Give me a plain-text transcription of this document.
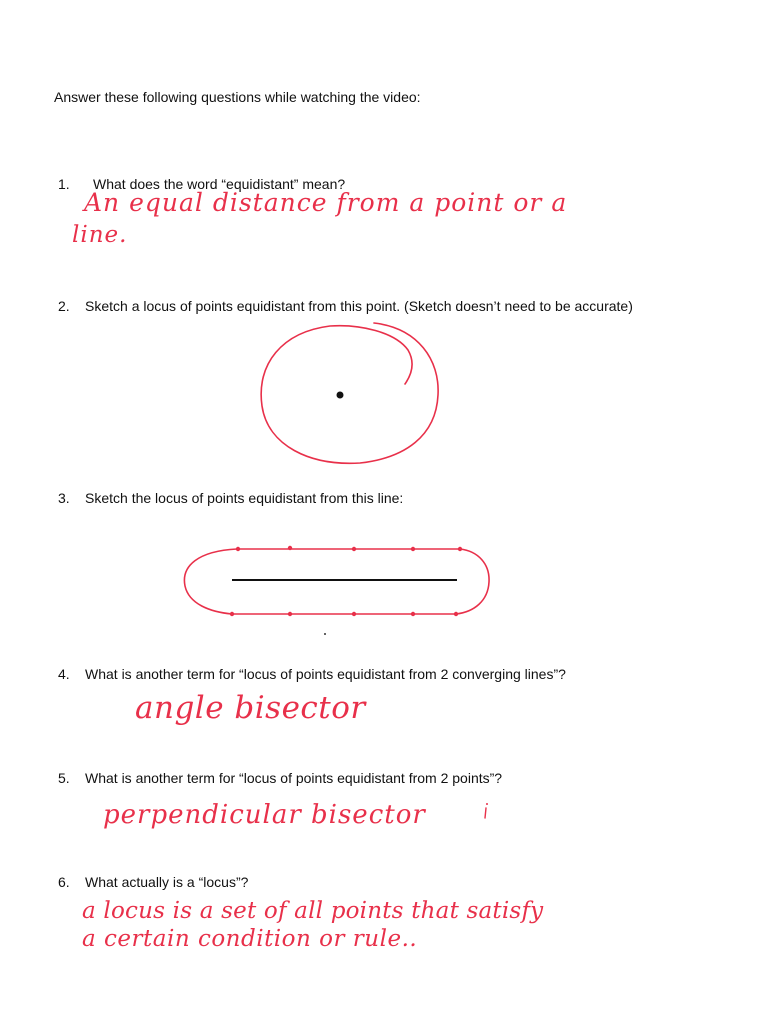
Answer these following questions while watching the video:
1. What does the word “equidistant” mean?
An equal distance from a point or a
line.
2. Sketch a locus of points equidistant from this point. (Sketch doesn’t need to be accurate)
3. Sketch the locus of points equidistant from this line:
4. What is another term for “locus of points equidistant from 2 converging lines”?
angle bisector
5. What is another term for “locus of points equidistant from 2 points”?
perpendicular bisector
6. What actually is a “locus”?
a locus is a set of all points that satisfy
a certain condition or rule..
